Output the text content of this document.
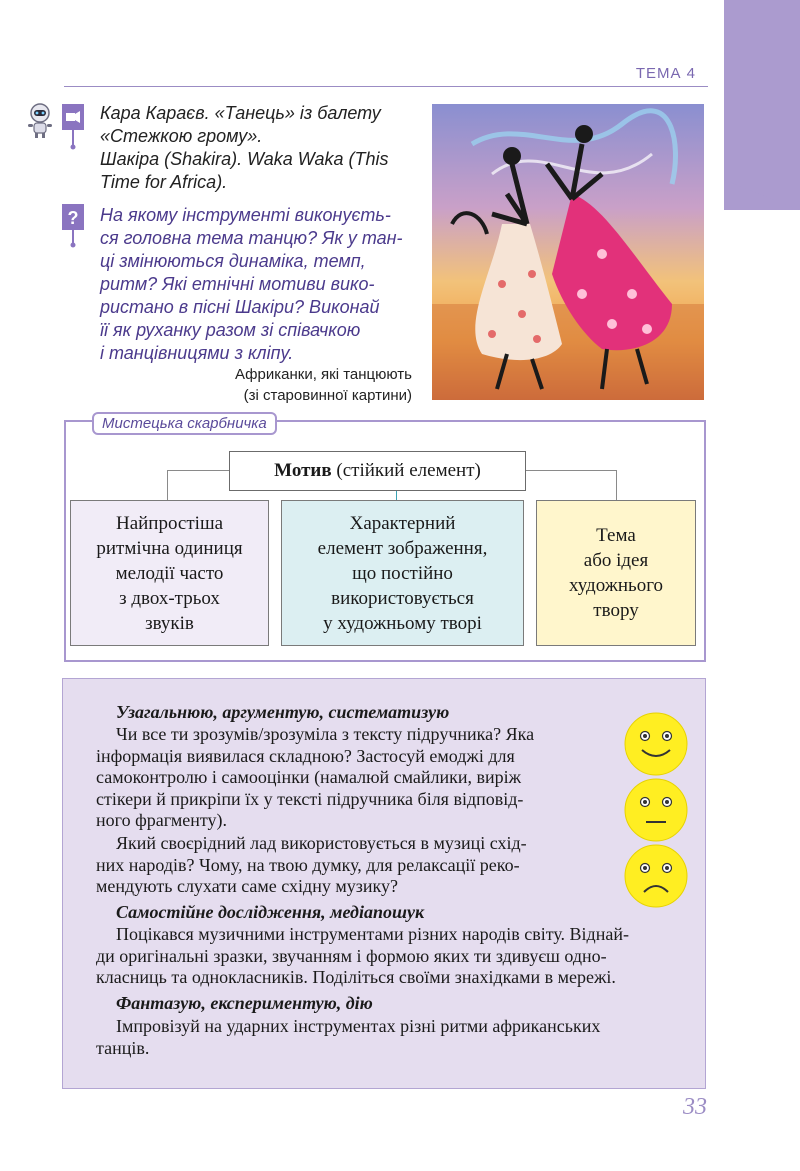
ТЕМА 4
Кара Караєв. «Танець» із балету
«Стежкою грому».
Шакіра (Shakira). Waka Waka (This
Time for Africa).
? На якому інструменті виконуєть-
ся головна тема танцю? Як у тан-
ці змінюються динаміка, темп,
ритм? Які етнічні мотиви вико-
ристано в пісні Шакіри? Виконай
її як руханку разом зі співачкою
і танцівницями з кліпу.
Африканки, які танцюють
(зі старовинної картини)
Мистецька скарбничка
Мотив (стійкий елемент)
Найпростіша
ритмічна одиниця
мелодії часто
з двох-трьох
звуків
Характерний
елемент зображення,
що постійно
використовується
у художньому творі
Тема
або ідея
художнього
твору
Узагальнюю, аргументую, систематизую
Чи все ти зрозумів/зрозуміла з тексту підручника? Яка
інформація виявилася складною? Застосуй емоджі для
самоконтролю і самооцінки (намалюй смайлики, виріж
стікери й прикріпи їх у тексті підручника біля відповід-
ного фрагменту).
Який своєрідний лад використовується в музиці схід-
них народів? Чому, на твою думку, для релаксації реко-
мендують слухати саме східну музику?
Самостійне дослідження, медіапошук
Поцікався музичними інструментами різних народів світу. Віднай-
ди оригінальні зразки, звучанням і формою яких ти здивуєш одно-
класниць та однокласників. Поділіться своїми знахідками в мережі.
Фантазую, експериментую, дію
Імпровізуй на ударних інструментах різні ритми африканських
танців.
33
